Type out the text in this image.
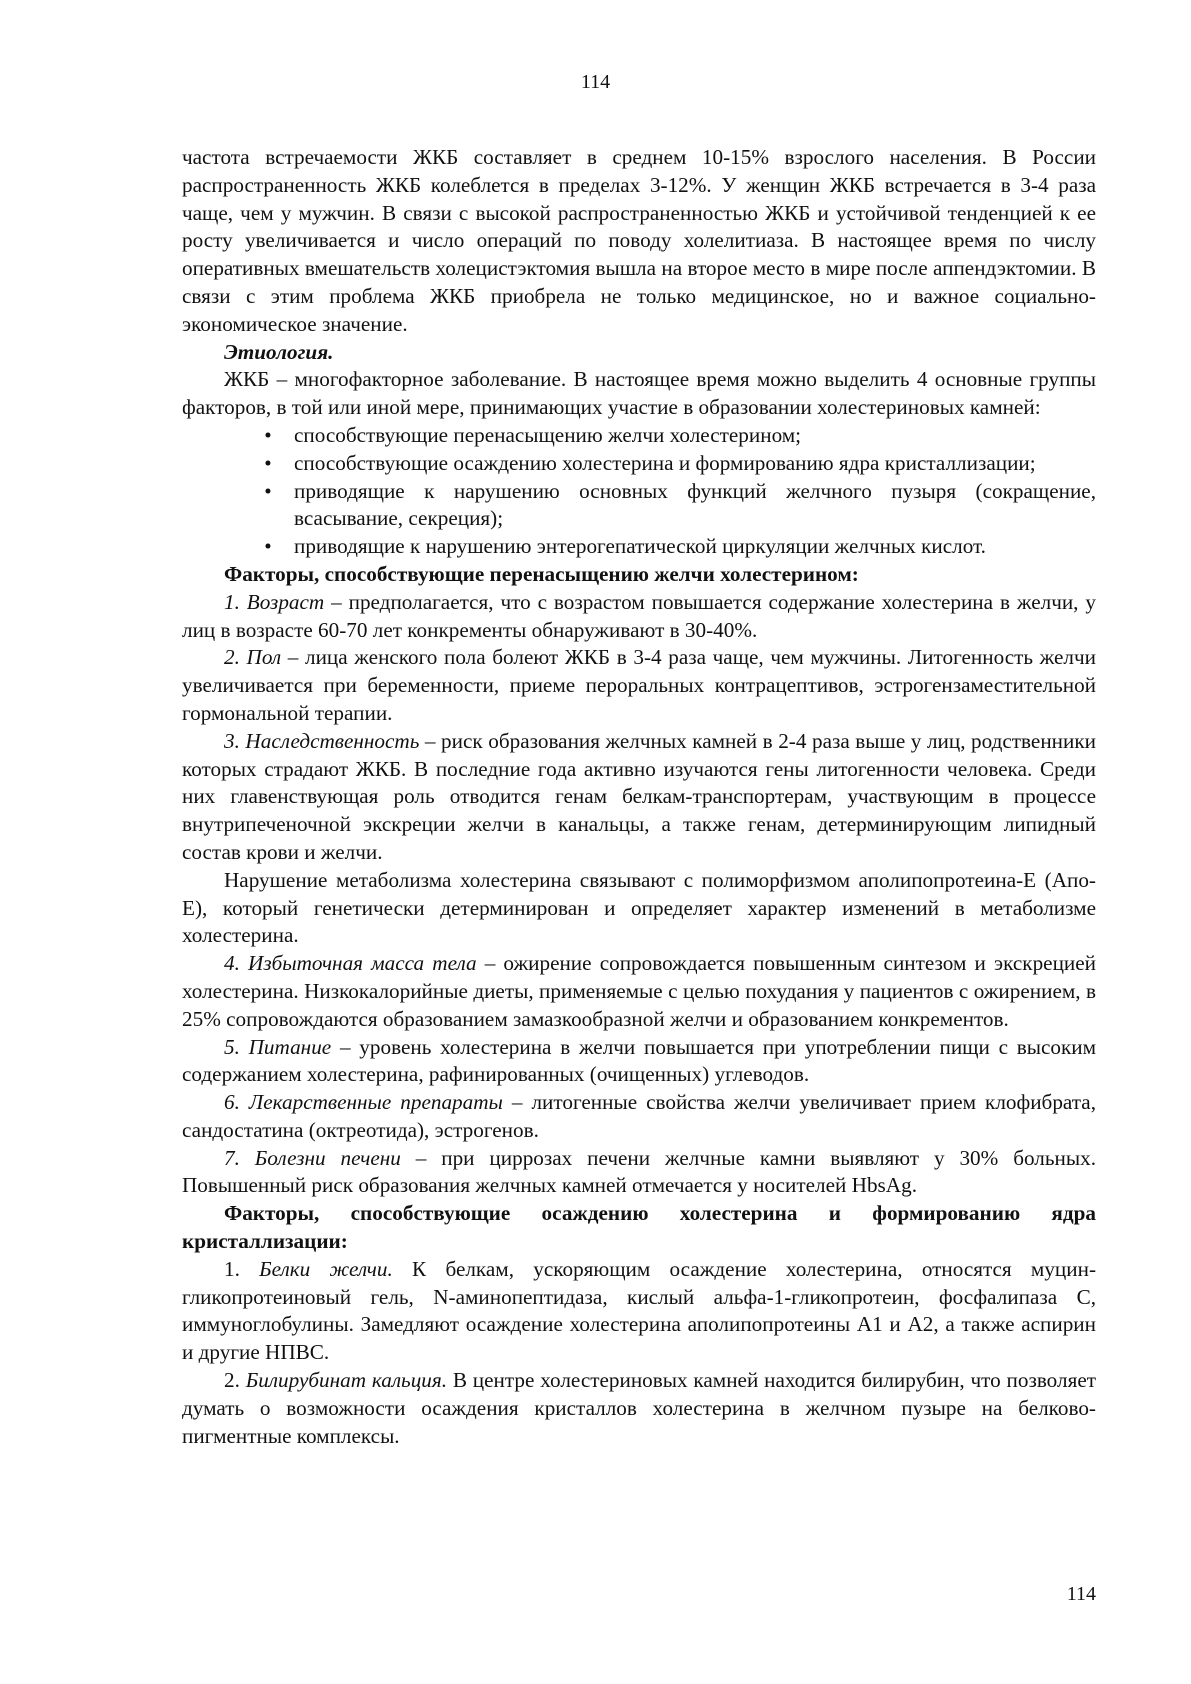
114

частота встречаемости ЖКБ составляет в среднем 10-15% взрослого населения. В России распространенность ЖКБ колеблется в пределах 3-12%. У женщин ЖКБ встречается в 3-4 раза чаще, чем у мужчин. В связи с высокой распространенностью ЖКБ и устойчивой тенденцией к ее росту увеличивается и число операций по поводу холелитиаза. В настоящее время по числу оперативных вмешательств холецистэктомия вышла на второе место в мире после аппендэктомии. В связи с этим проблема ЖКБ приобрела не только медицинское, но и важное социально-экономическое значение.

Этиология.

ЖКБ – многофакторное заболевание. В настоящее время можно выделить 4 основные группы факторов, в той или иной мере, принимающих участие в образовании холестериновых камней:

• способствующие перенасыщению желчи холестерином;
• способствующие осаждению холестерина и формированию ядра кристаллизации;
• приводящие к нарушению основных функций желчного пузыря (сокращение, всасывание, секреция);
• приводящие к нарушению энтерогепатической циркуляции желчных кислот.

Факторы, способствующие перенасыщению желчи холестерином:

1. Возраст – предполагается, что с возрастом повышается содержание холестерина в желчи, у лиц в возрасте 60-70 лет конкременты обнаруживают в 30-40%.

2. Пол – лица женского пола болеют ЖКБ в 3-4 раза чаще, чем мужчины. Литогенность желчи увеличивается при беременности, приеме пероральных контрацептивов, эстрогензаместительной гормональной терапии.

3. Наследственность – риск образования желчных камней в 2-4 раза выше у лиц, родственники которых страдают ЖКБ. В последние года активно изучаются гены литогенности человека. Среди них главенствующая роль отводится генам белкам-транспортерам, участвующим в процессе внутрипеченочной экскреции желчи в канальцы, а также генам, детерминирующим липидный состав крови и желчи.

Нарушение метаболизма холестерина связывают с полиморфизмом аполипопротеина-Е (Апо-Е), который генетически детерминирован и определяет характер изменений в метаболизме холестерина.

4. Избыточная масса тела – ожирение сопровождается повышенным синтезом и экскрецией холестерина. Низкокалорийные диеты, применяемые с целью похудания у пациентов с ожирением, в 25% сопровождаются образованием замазкообразной желчи и образованием конкрементов.

5. Питание – уровень холестерина в желчи повышается при употреблении пищи с высоким содержанием холестерина, рафинированных (очищенных) углеводов.

6. Лекарственные препараты – литогенные свойства желчи увеличивает прием клофибрата, сандостатина (октреотида), эстрогенов.

7. Болезни печени – при циррозах печени желчные камни выявляют у 30% больных. Повышенный риск образования желчных камней отмечается у носителей HbsAg.

Факторы, способствующие осаждению холестерина и формированию ядра кристаллизации:

1. Белки желчи. К белкам, ускоряющим осаждение холестерина, относятся муцин-гликопротеиновый гель, N-аминопептидаза, кислый альфа-1-гликопротеин, фосфалипаза С, иммуноглобулины. Замедляют осаждение холестерина аполипопротеины А1 и А2, а также аспирин и другие НПВС.

2. Билирубинат кальция. В центре холестериновых камней находится билирубин, что позволяет думать о возможности осаждения кристаллов холестерина в желчном пузыре на белково-пигментные комплексы.

114
